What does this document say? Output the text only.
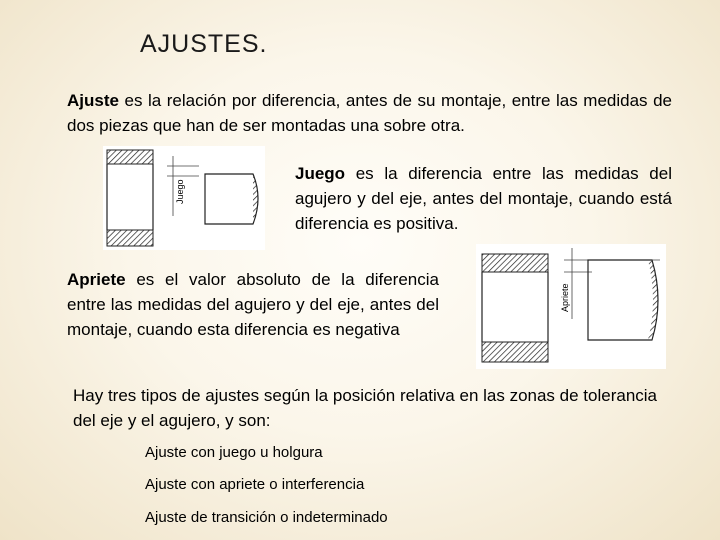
AJUSTES.
Ajuste es la relación por diferencia, antes de su montaje, entre las medidas de dos piezas que han de ser montadas una sobre otra.
Juego
Juego es la diferencia entre las medidas del agujero y del eje, antes del montaje, cuando está diferencia es positiva.
Apriete es el valor absoluto de la diferencia entre las medidas del agujero y del eje, antes del montaje, cuando esta diferencia es negativa
Apriete
Hay tres tipos de ajustes según la posición relativa en las zonas de tolerancia del eje y el agujero, y son:
Ajuste con juego u holgura
Ajuste con apriete o interferencia
Ajuste de transición o indeterminado
